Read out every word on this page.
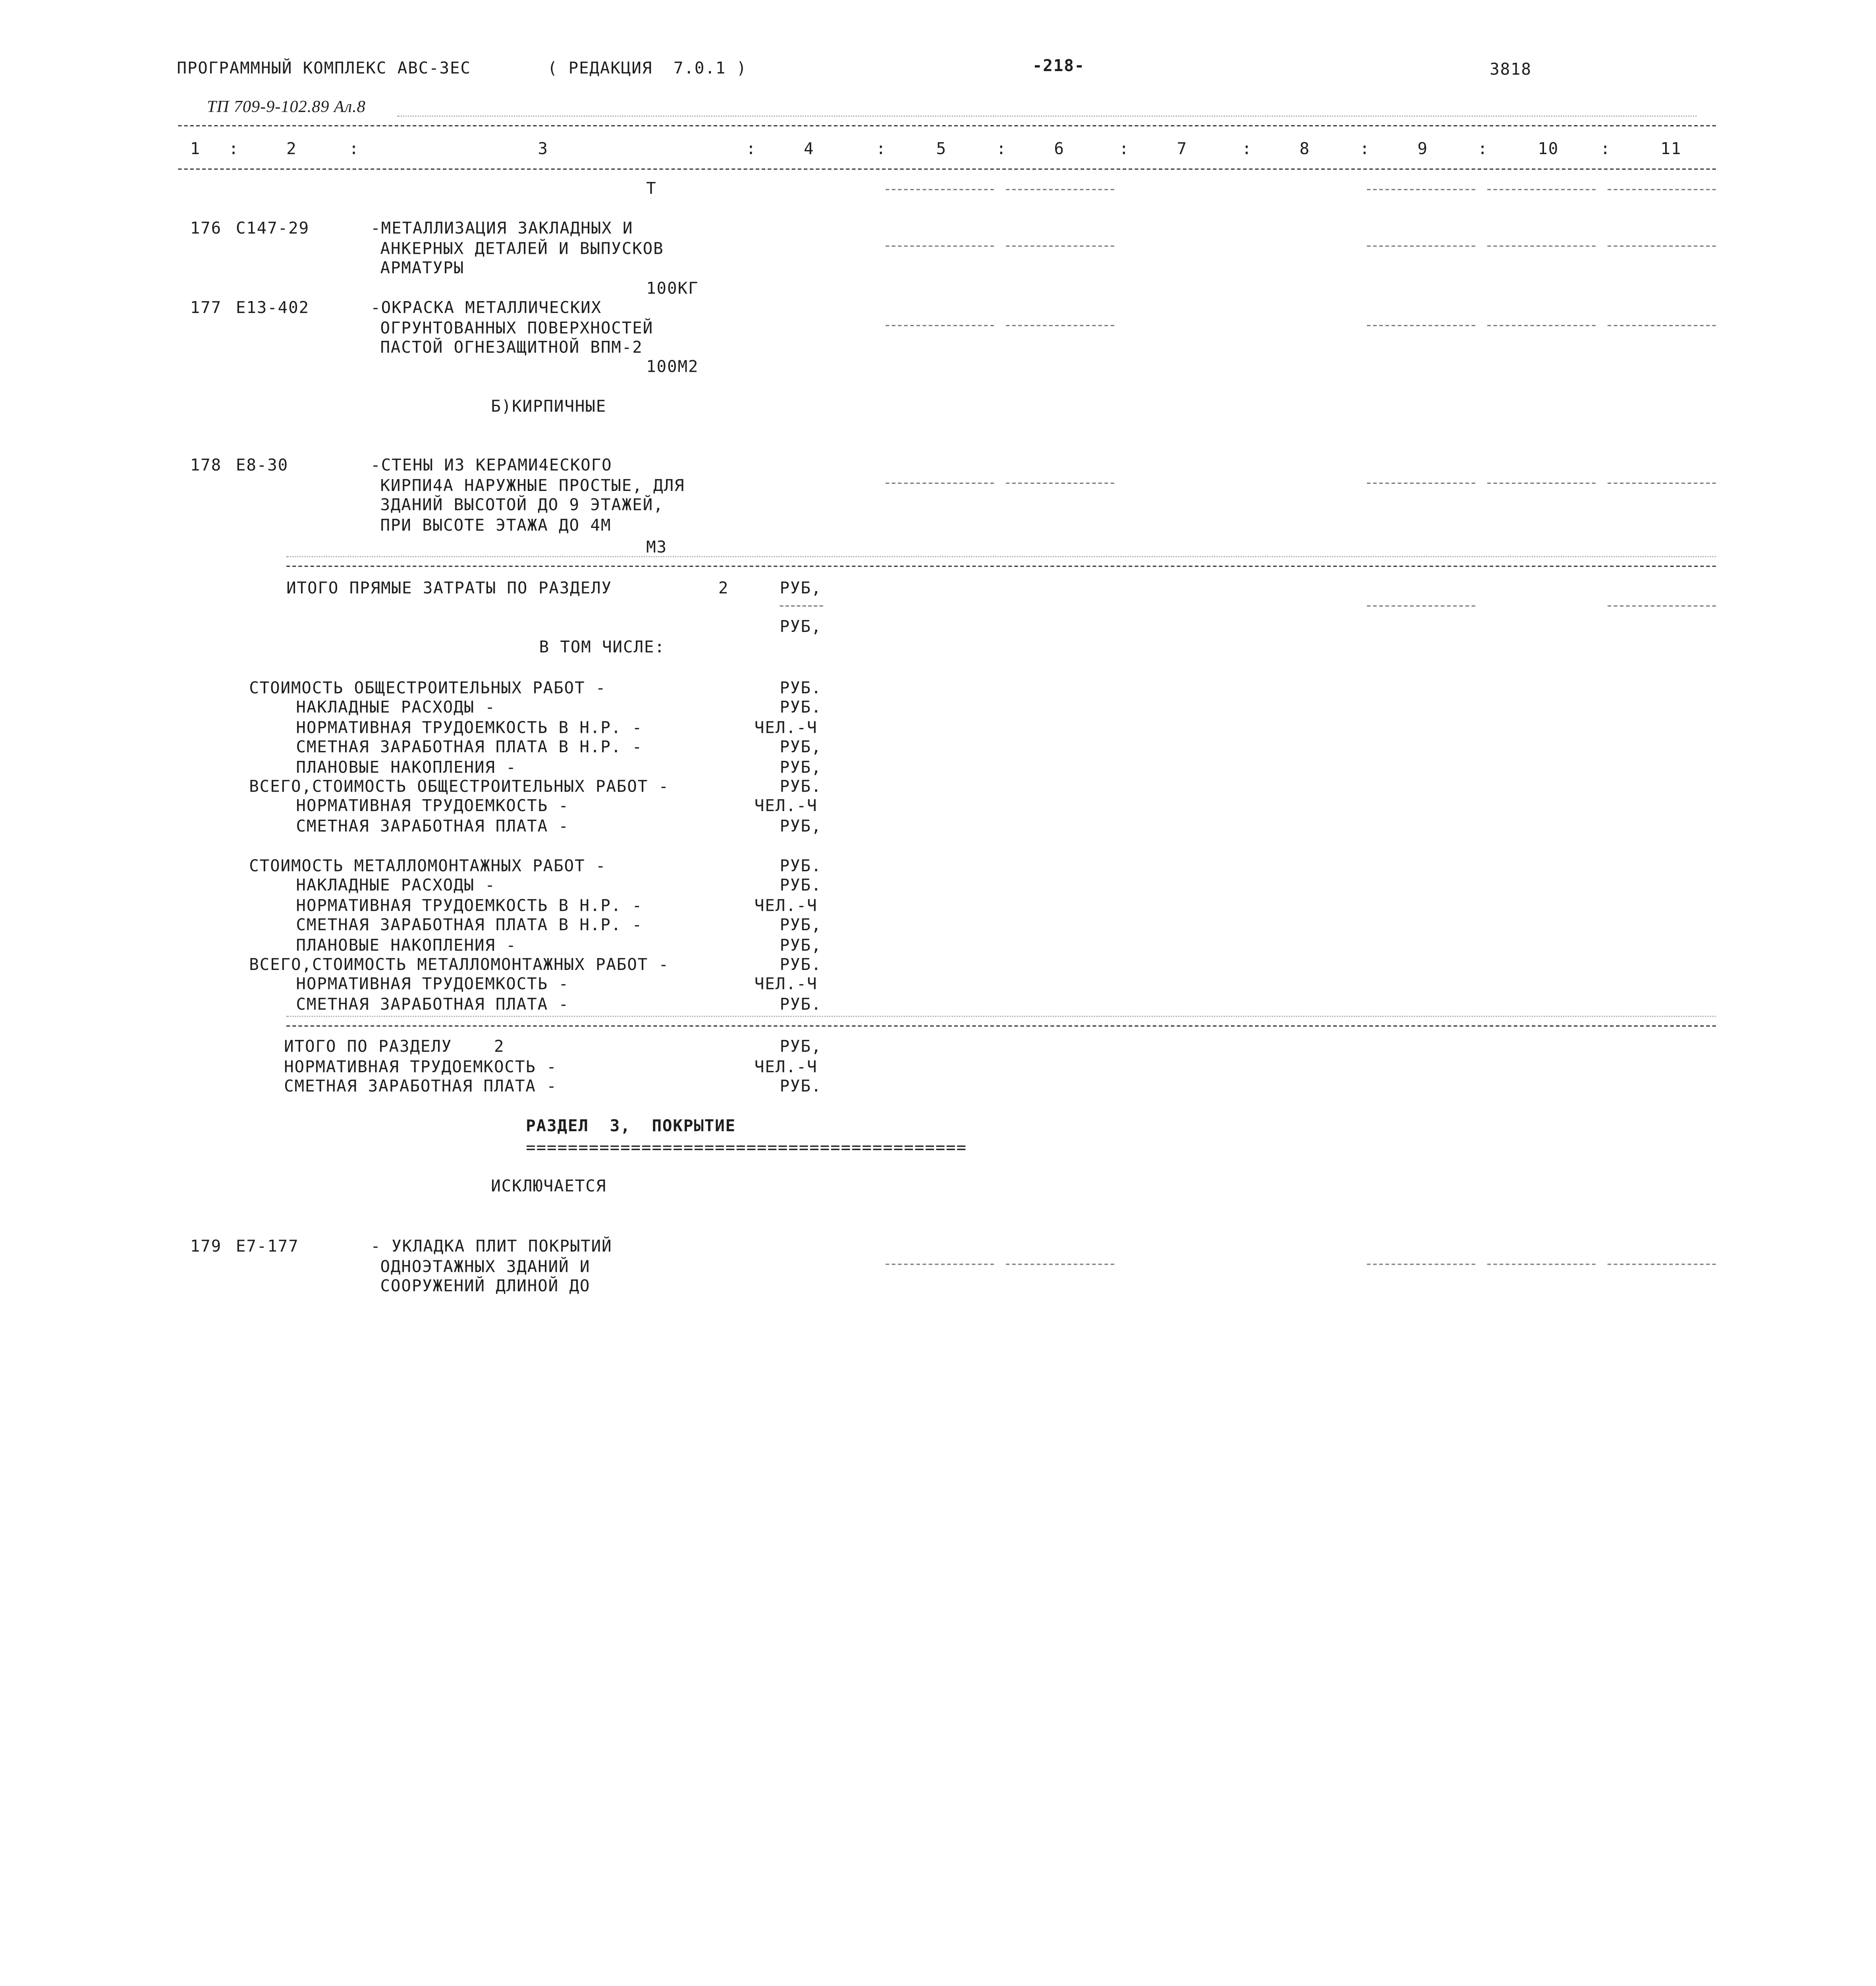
ПРОГРАММНЫЙ КОМПЛЕКС АВС-ЗЕС	( РЕДАКЦИЯ  7.0.1 )	-218-	3818
ТП 709-9-102.89 Ал.8
1	2	3	4	5	6	7	8	9	10	11
:	:	:	:	:	:	:	:	:	:
Т
176	С147-29	-МЕТАЛЛИЗАЦИЯ ЗАКЛАДНЫХ И
АНКЕРНЫХ ДЕТАЛЕЙ И ВЫПУСКОВ
АРМАТУРЫ
100КГ
177	Е13-402	-ОКРАСКА МЕТАЛЛИЧЕСКИХ
ОГРУНТОВАННЫХ ПОВЕРХНОСТЕЙ
ПАСТОЙ ОГНЕЗАЩИТНОЙ ВПМ-2
100М2
Б)КИРПИЧНЫЕ
178	Е8-30	-СТЕНЫ ИЗ КЕРАМИ4ЕСКОГО
КИРПИ4А НАРУЖНЫЕ ПРОСТЫЕ, ДЛЯ
ЗДАНИЙ ВЫСОТОЙ ДО 9 ЭТАЖЕЙ,
ПРИ ВЫСОТЕ ЭТАЖА ДО 4М
М3
ИТОГО ПРЯМЫЕ ЗАТРАТЫ ПО РАЗДЕЛУ	2	РУБ,
РУБ,
В ТОМ ЧИСЛЕ:
СТОИМОСТЬ ОБЩЕСТРОИТЕЛЬНЫХ РАБОТ -	РУБ.
НАКЛАДНЫЕ РАСХОДЫ -	РУБ.
НОРМАТИВНАЯ ТРУДОЕМКОСТЬ В Н.Р. -	ЧЕЛ.-Ч
СМЕТНАЯ ЗАРАБОТНАЯ ПЛАТА В Н.Р. -	РУБ,
ПЛАНОВЫЕ НАКОПЛЕНИЯ -	РУБ,
ВСЕГО,СТОИМОСТЬ ОБЩЕСТРОИТЕЛЬНЫХ РАБОТ -	РУБ.
НОРМАТИВНАЯ ТРУДОЕМКОСТЬ -	ЧЕЛ.-Ч
СМЕТНАЯ ЗАРАБОТНАЯ ПЛАТА -	РУБ,
СТОИМОСТЬ МЕТАЛЛОМОНТАЖНЫХ РАБОТ -	РУБ.
НАКЛАДНЫЕ РАСХОДЫ -	РУБ.
НОРМАТИВНАЯ ТРУДОЕМКОСТЬ В Н.Р. -	ЧЕЛ.-Ч
СМЕТНАЯ ЗАРАБОТНАЯ ПЛАТА В Н.Р. -	РУБ,
ПЛАНОВЫЕ НАКОПЛЕНИЯ -	РУБ,
ВСЕГО,СТОИМОСТЬ МЕТАЛЛОМОНТАЖНЫХ РАБОТ -	РУБ.
НОРМАТИВНАЯ ТРУДОЕМКОСТЬ -	ЧЕЛ.-Ч
СМЕТНАЯ ЗАРАБОТНАЯ ПЛАТА -	РУБ.
ИТОГО ПО РАЗДЕЛУ    2	РУБ,
НОРМАТИВНАЯ ТРУДОЕМКОСТЬ -	ЧЕЛ.-Ч
СМЕТНАЯ ЗАРАБОТНАЯ ПЛАТА -	РУБ.
РАЗДЕЛ  3,  ПОКРЫТИЕ
==========================================
ИСКЛЮЧАЕТСЯ
179	Е7-177	- УКЛАДКА ПЛИТ ПОКРЫТИЙ
ОДНОЭТАЖНЫХ ЗДАНИЙ И
СООРУЖЕНИЙ ДЛИНОЙ ДО
